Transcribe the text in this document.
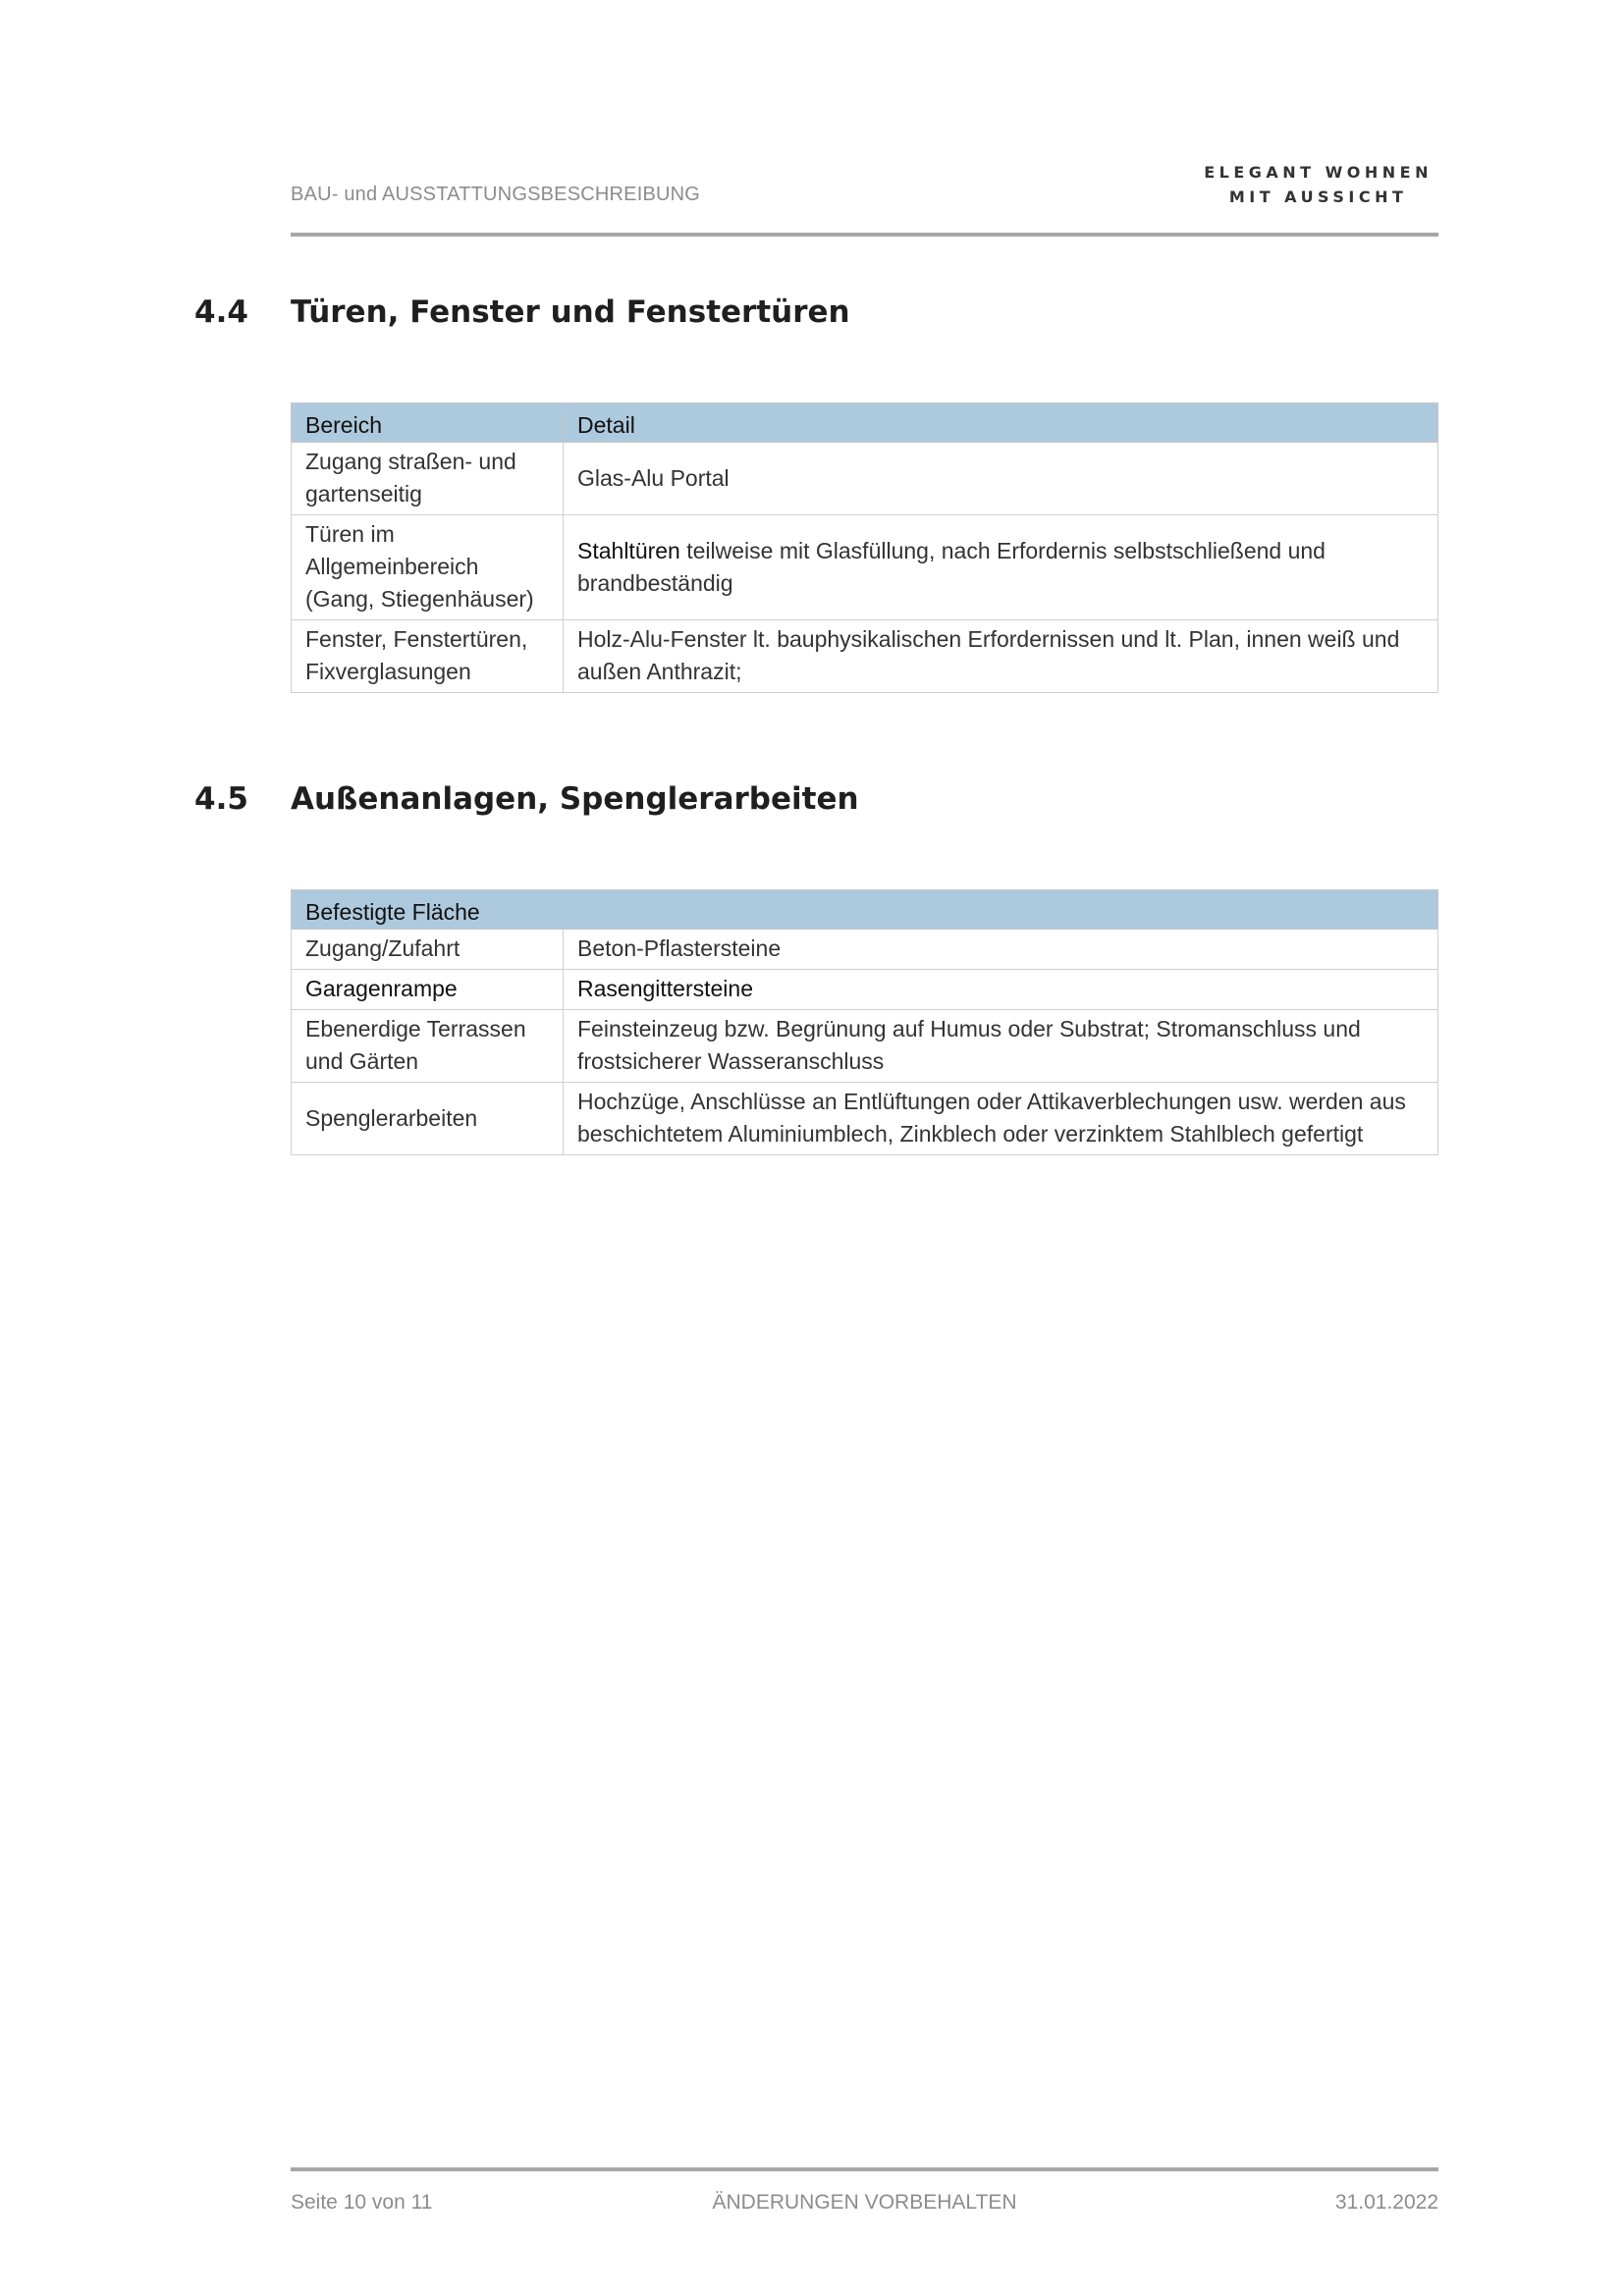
BAU- und AUSSTATTUNGSBESCHREIBUNG
ELEGANT WOHNEN
MIT AUSSICHT
4.4 Türen, Fenster und Fenstertüren
Bereich	Detail
Zugang straßen- und gartenseitig	Glas-Alu Portal
Türen im Allgemeinbereich (Gang, Stiegenhäuser)	Stahltüren teilweise mit Glasfüllung, nach Erfordernis selbstschließend und brandbeständig
Fenster, Fenstertüren, Fixverglasungen	Holz-Alu-Fenster lt. bauphysikalischen Erfordernissen und lt. Plan, innen weiß und außen Anthrazit;
4.5 Außenanlagen, Spenglerarbeiten
Befestigte Fläche	
Zugang/Zufahrt	Beton-Pflastersteine
Garagenrampe	Rasengittersteine
Ebenerdige Terrassen und Gärten	Feinsteinzeug bzw. Begrünung auf Humus oder Substrat; Stromanschluss und frostsicherer Wasseranschluss
Spenglerarbeiten	Hochzüge, Anschlüsse an Entlüftungen oder Attikaverblechungen usw. werden aus beschichtetem Aluminiumblech, Zinkblech oder verzinktem Stahlblech gefertigt
Seite 10 von 11	ÄNDERUNGEN VORBEHALTEN	31.01.2022
